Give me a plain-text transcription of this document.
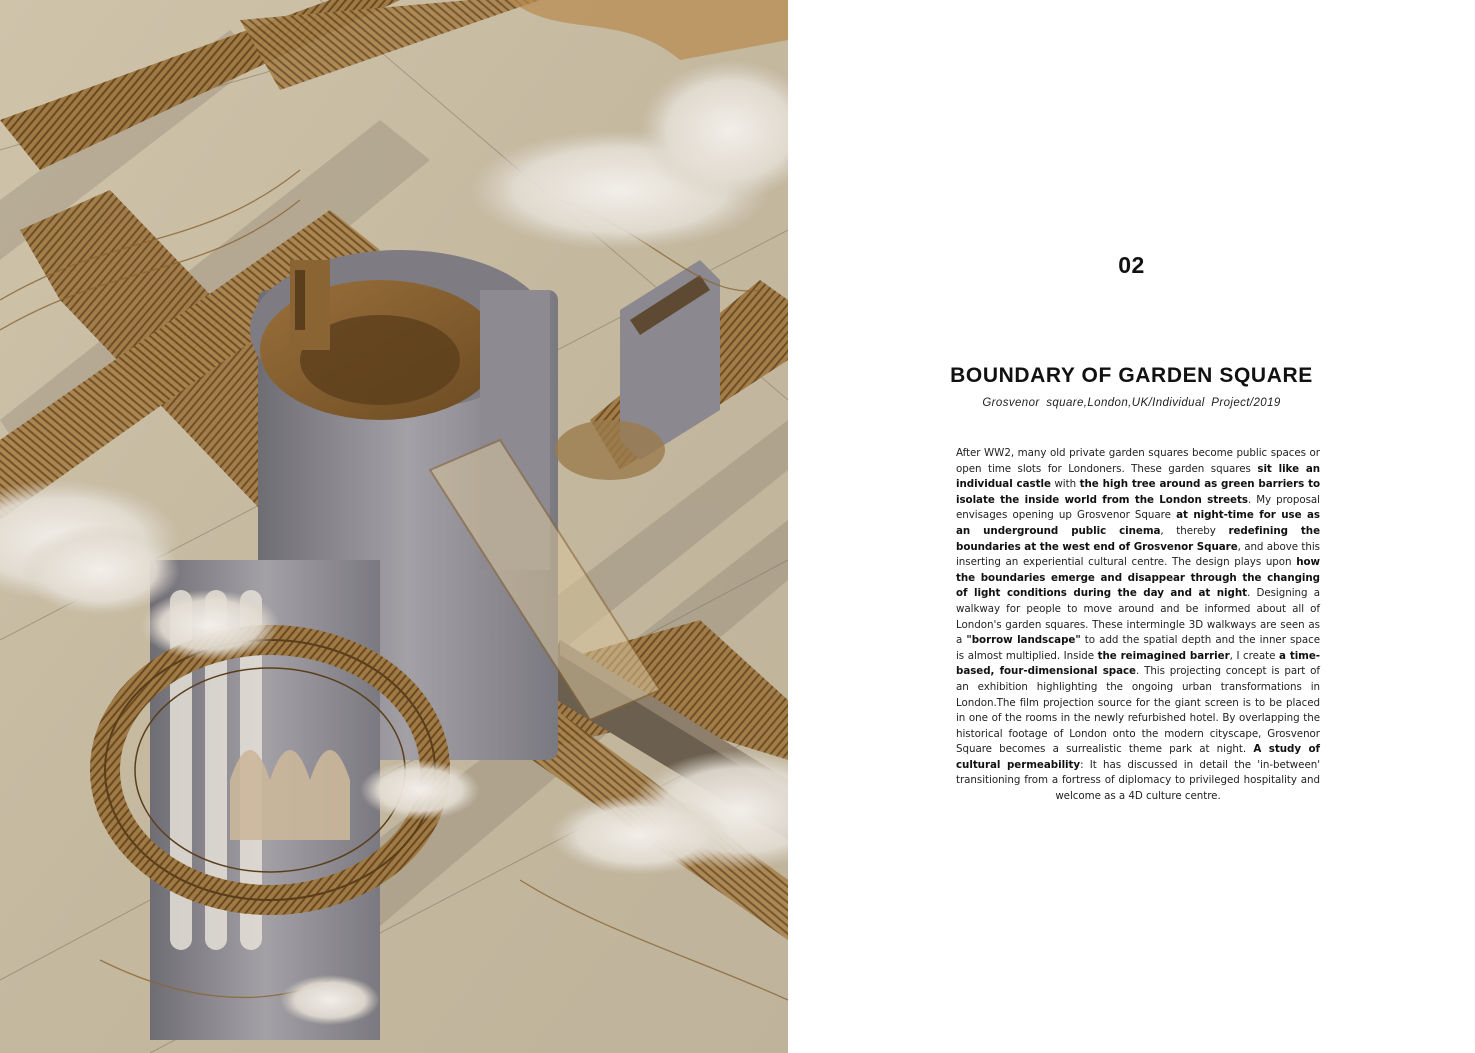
02
BOUNDARY OF GARDEN SQUARE
Grosvenor square,London,UK/Individual Project/2019
After WW2, many old private garden squares become public spaces or open time slots for Londoners. These garden squares sit like an individual castle with the high tree around as green barriers to isolate the inside world from the London streets. My proposal envisages opening up Grosvenor Square at night-time for use as an underground public cinema, thereby redefining the boundaries at the west end of Grosvenor Square, and above this inserting an experiential cultural centre. The design plays upon how the boundaries emerge and disappear through the changing of light conditions during the day and at night. Designing a walkway for people to move around and be informed about all of London's garden squares. These intermingle 3D walkways are seen as a "borrow landscape" to add the spatial depth and the inner space is almost multiplied. Inside the reimagined barrier, I create a time-based, four-dimensional space. This projecting concept is part of an exhibition highlighting the ongoing urban transformations in London.The film projection source for the giant screen is to be placed in one of the rooms in the newly refurbished hotel. By overlapping the historical footage of London onto the modern cityscape, Grosvenor Square becomes a surrealistic theme park at night. A study of cultural permeability: It has discussed in detail the 'in-between' transitioning from a fortress of diplomacy to privileged hospitality and welcome as a 4D culture centre.
